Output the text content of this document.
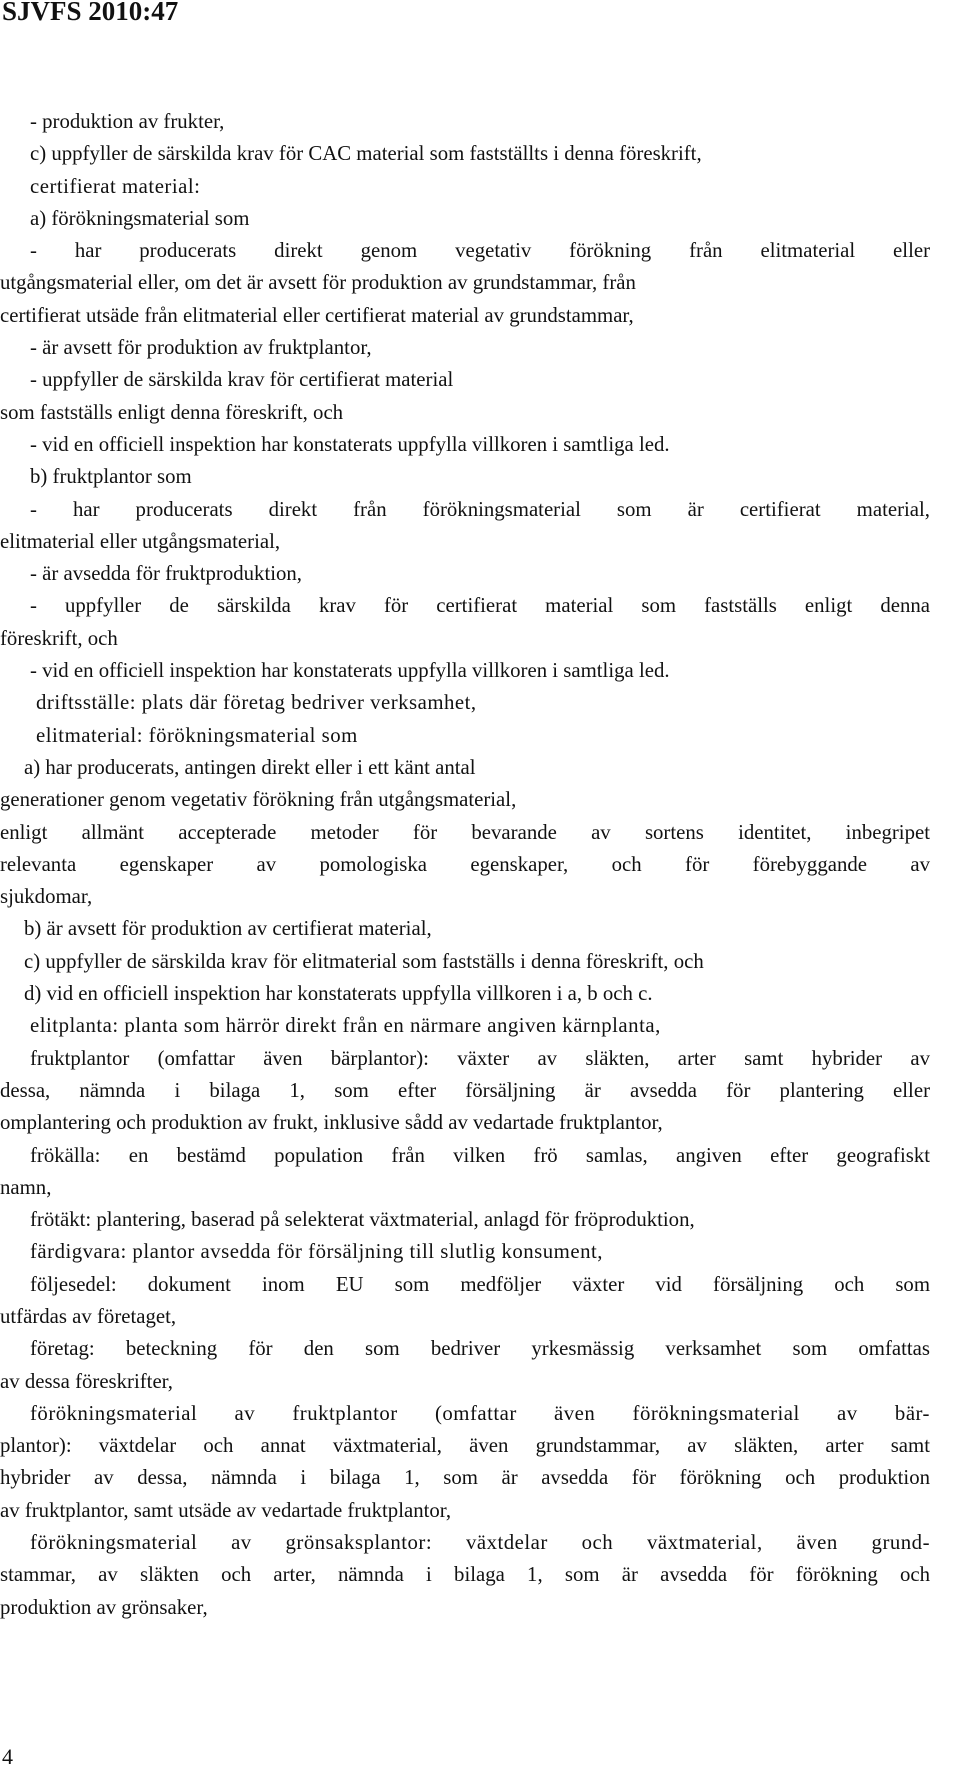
SJVFS 2010:47
- produktion av frukter,
c) uppfyller de särskilda krav för CAC material som fastställts i denna föreskrift,
certifierat material:
a) förökningsmaterial som
- har producerats direkt genom vegetativ förökning från elitmaterial eller
utgångsmaterial eller, om det är avsett för produktion av grundstammar, från
certifierat utsäde från elitmaterial eller certifierat material av grundstammar,
- är avsett för produktion av fruktplantor,
- uppfyller de särskilda krav för certifierat material
som fastställs enligt denna föreskrift, och
- vid en officiell inspektion har konstaterats uppfylla villkoren i samtliga led.
b) fruktplantor som
- har producerats direkt från förökningsmaterial som är certifierat material,
elitmaterial eller utgångsmaterial,
- är avsedda för fruktproduktion,
- uppfyller de särskilda krav för certifierat material som fastställs enligt denna
föreskrift, och
- vid en officiell inspektion har konstaterats uppfylla villkoren i samtliga led.
driftsställe: plats där företag bedriver verksamhet,
elitmaterial: förökningsmaterial som
a) har producerats, antingen direkt eller i ett känt antal
generationer genom vegetativ förökning från utgångsmaterial,
enligt allmänt accepterade metoder för bevarande av sortens identitet, inbegripet
relevanta egenskaper av pomologiska egenskaper, och för förebyggande av
sjukdomar,
b) är avsett för produktion av certifierat material,
c) uppfyller de särskilda krav för elitmaterial som fastställs i denna föreskrift, och
d) vid en officiell inspektion har konstaterats uppfylla villkoren i a, b och c.
elitplanta: planta som härrör direkt från en närmare angiven kärnplanta,
fruktplantor (omfattar även bärplantor): växter av släkten, arter samt hybrider av
dessa, nämnda i bilaga 1, som efter försäljning är avsedda för plantering eller
omplantering och produktion av frukt, inklusive sådd av vedartade fruktplantor,
frökälla: en bestämd population från vilken frö samlas, angiven efter geografiskt
namn,
frötäkt: plantering, baserad på selekterat växtmaterial, anlagd för fröproduktion,
färdigvara: plantor avsedda för försäljning till slutlig konsument,
följesedel: dokument inom EU som medföljer växter vid försäljning och som
utfärdas av företaget,
företag: beteckning för den som bedriver yrkesmässig verksamhet som omfattas
av dessa föreskrifter,
förökningsmaterial av fruktplantor (omfattar även förökningsmaterial av bär-
plantor): växtdelar och annat växtmaterial, även grundstammar, av släkten, arter samt
hybrider av dessa, nämnda i bilaga 1, som är avsedda för förökning och produktion
av fruktplantor, samt utsäde av vedartade fruktplantor,
förökningsmaterial av grönsaksplantor: växtdelar och växtmaterial, även grund-
stammar, av släkten och arter, nämnda i bilaga 1, som är avsedda för förökning och
produktion av grönsaker,
4
